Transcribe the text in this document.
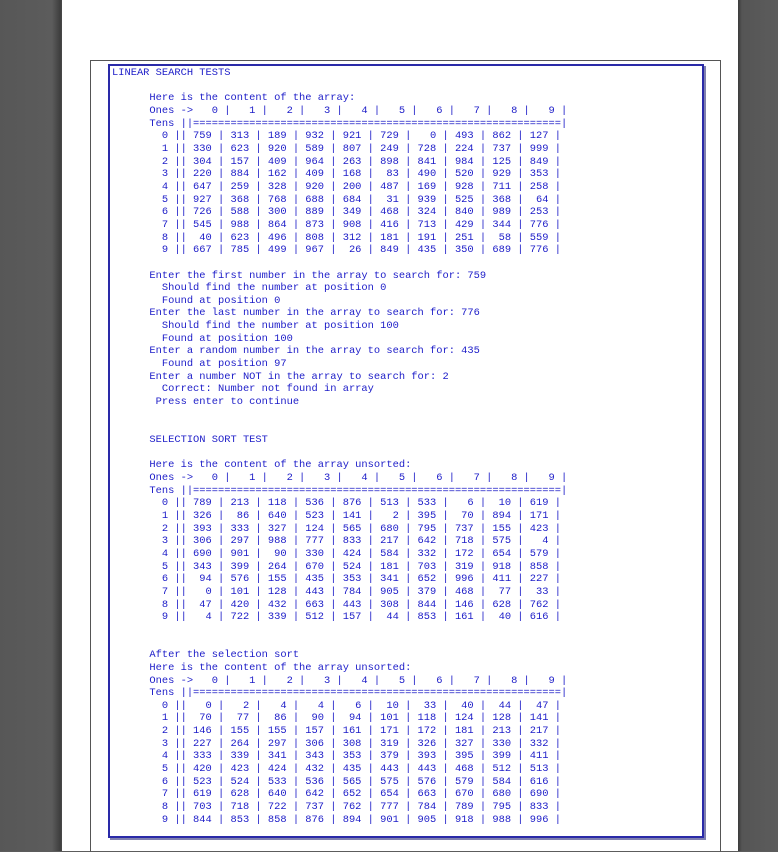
LINEAR SEARCH TESTS

Here is the content of the array:
Ones ->   0 |   1 |   2 |   3 |   4 |   5 |   6 |   7 |   8 |   9 |
Tens ||===========================================================|
0 || 759 | 313 | 189 | 932 | 921 | 729 |   0 | 493 | 862 | 127 |
1 || 330 | 623 | 920 | 589 | 807 | 249 | 728 | 224 | 737 | 999 |
2 || 304 | 157 | 409 | 964 | 263 | 898 | 841 | 984 | 125 | 849 |
3 || 220 | 884 | 162 | 409 | 168 |  83 | 490 | 520 | 929 | 353 |
4 || 647 | 259 | 328 | 920 | 200 | 487 | 169 | 928 | 711 | 258 |
5 || 927 | 368 | 768 | 688 | 684 |  31 | 939 | 525 | 368 |  64 |
6 || 726 | 588 | 300 | 889 | 349 | 468 | 324 | 840 | 989 | 253 |
7 || 545 | 988 | 864 | 873 | 908 | 416 | 713 | 429 | 344 | 776 |
8 ||  40 | 623 | 496 | 808 | 312 | 181 | 191 | 251 |  58 | 559 |
9 || 667 | 785 | 499 | 967 |  26 | 849 | 435 | 350 | 689 | 776 |

Enter the first number in the array to search for: 759
Should find the number at position 0
Found at position 0
Enter the last number in the array to search for: 776
Should find the number at position 100
Found at position 100
Enter a random number in the array to search for: 435
Found at position 97
Enter a number NOT in the array to search for: 2
Correct: Number not found in array
Press enter to continue

SELECTION SORT TEST

Here is the content of the array unsorted:
Ones ->   0 |   1 |   2 |   3 |   4 |   5 |   6 |   7 |   8 |   9 |
Tens ||===========================================================|
0 || 789 | 213 | 118 | 536 | 876 | 513 | 533 |   6 |  10 | 619 |
1 || 326 |  86 | 640 | 523 | 141 |   2 | 395 |  70 | 894 | 171 |
2 || 393 | 333 | 327 | 124 | 565 | 680 | 795 | 737 | 155 | 423 |
3 || 306 | 297 | 988 | 777 | 833 | 217 | 642 | 718 | 575 |   4 |
4 || 690 | 901 |  90 | 330 | 424 | 584 | 332 | 172 | 654 | 579 |
5 || 343 | 399 | 264 | 670 | 524 | 181 | 703 | 319 | 918 | 858 |
6 ||  94 | 576 | 155 | 435 | 353 | 341 | 652 | 996 | 411 | 227 |
7 ||   0 | 101 | 128 | 443 | 784 | 905 | 379 | 468 |  77 |  33 |
8 ||  47 | 420 | 432 | 663 | 443 | 308 | 844 | 146 | 628 | 762 |
9 ||   4 | 722 | 339 | 512 | 157 |  44 | 853 | 161 |  40 | 616 |

After the selection sort
Here is the content of the array unsorted:
Ones ->   0 |   1 |   2 |   3 |   4 |   5 |   6 |   7 |   8 |   9 |
Tens ||===========================================================|
0 ||   0 |   2 |   4 |   4 |   6 |  10 |  33 |  40 |  44 |  47 |
1 ||  70 |  77 |  86 |  90 |  94 | 101 | 118 | 124 | 128 | 141 |
2 || 146 | 155 | 155 | 157 | 161 | 171 | 172 | 181 | 213 | 217 |
3 || 227 | 264 | 297 | 306 | 308 | 319 | 326 | 327 | 330 | 332 |
4 || 333 | 339 | 341 | 343 | 353 | 379 | 393 | 395 | 399 | 411 |
5 || 420 | 423 | 424 | 432 | 435 | 443 | 443 | 468 | 512 | 513 |
6 || 523 | 524 | 533 | 536 | 565 | 575 | 576 | 579 | 584 | 616 |
7 || 619 | 628 | 640 | 642 | 652 | 654 | 663 | 670 | 680 | 690 |
8 || 703 | 718 | 722 | 737 | 762 | 777 | 784 | 789 | 795 | 833 |
9 || 844 | 853 | 858 | 876 | 894 | 901 | 905 | 918 | 988 | 996 |
